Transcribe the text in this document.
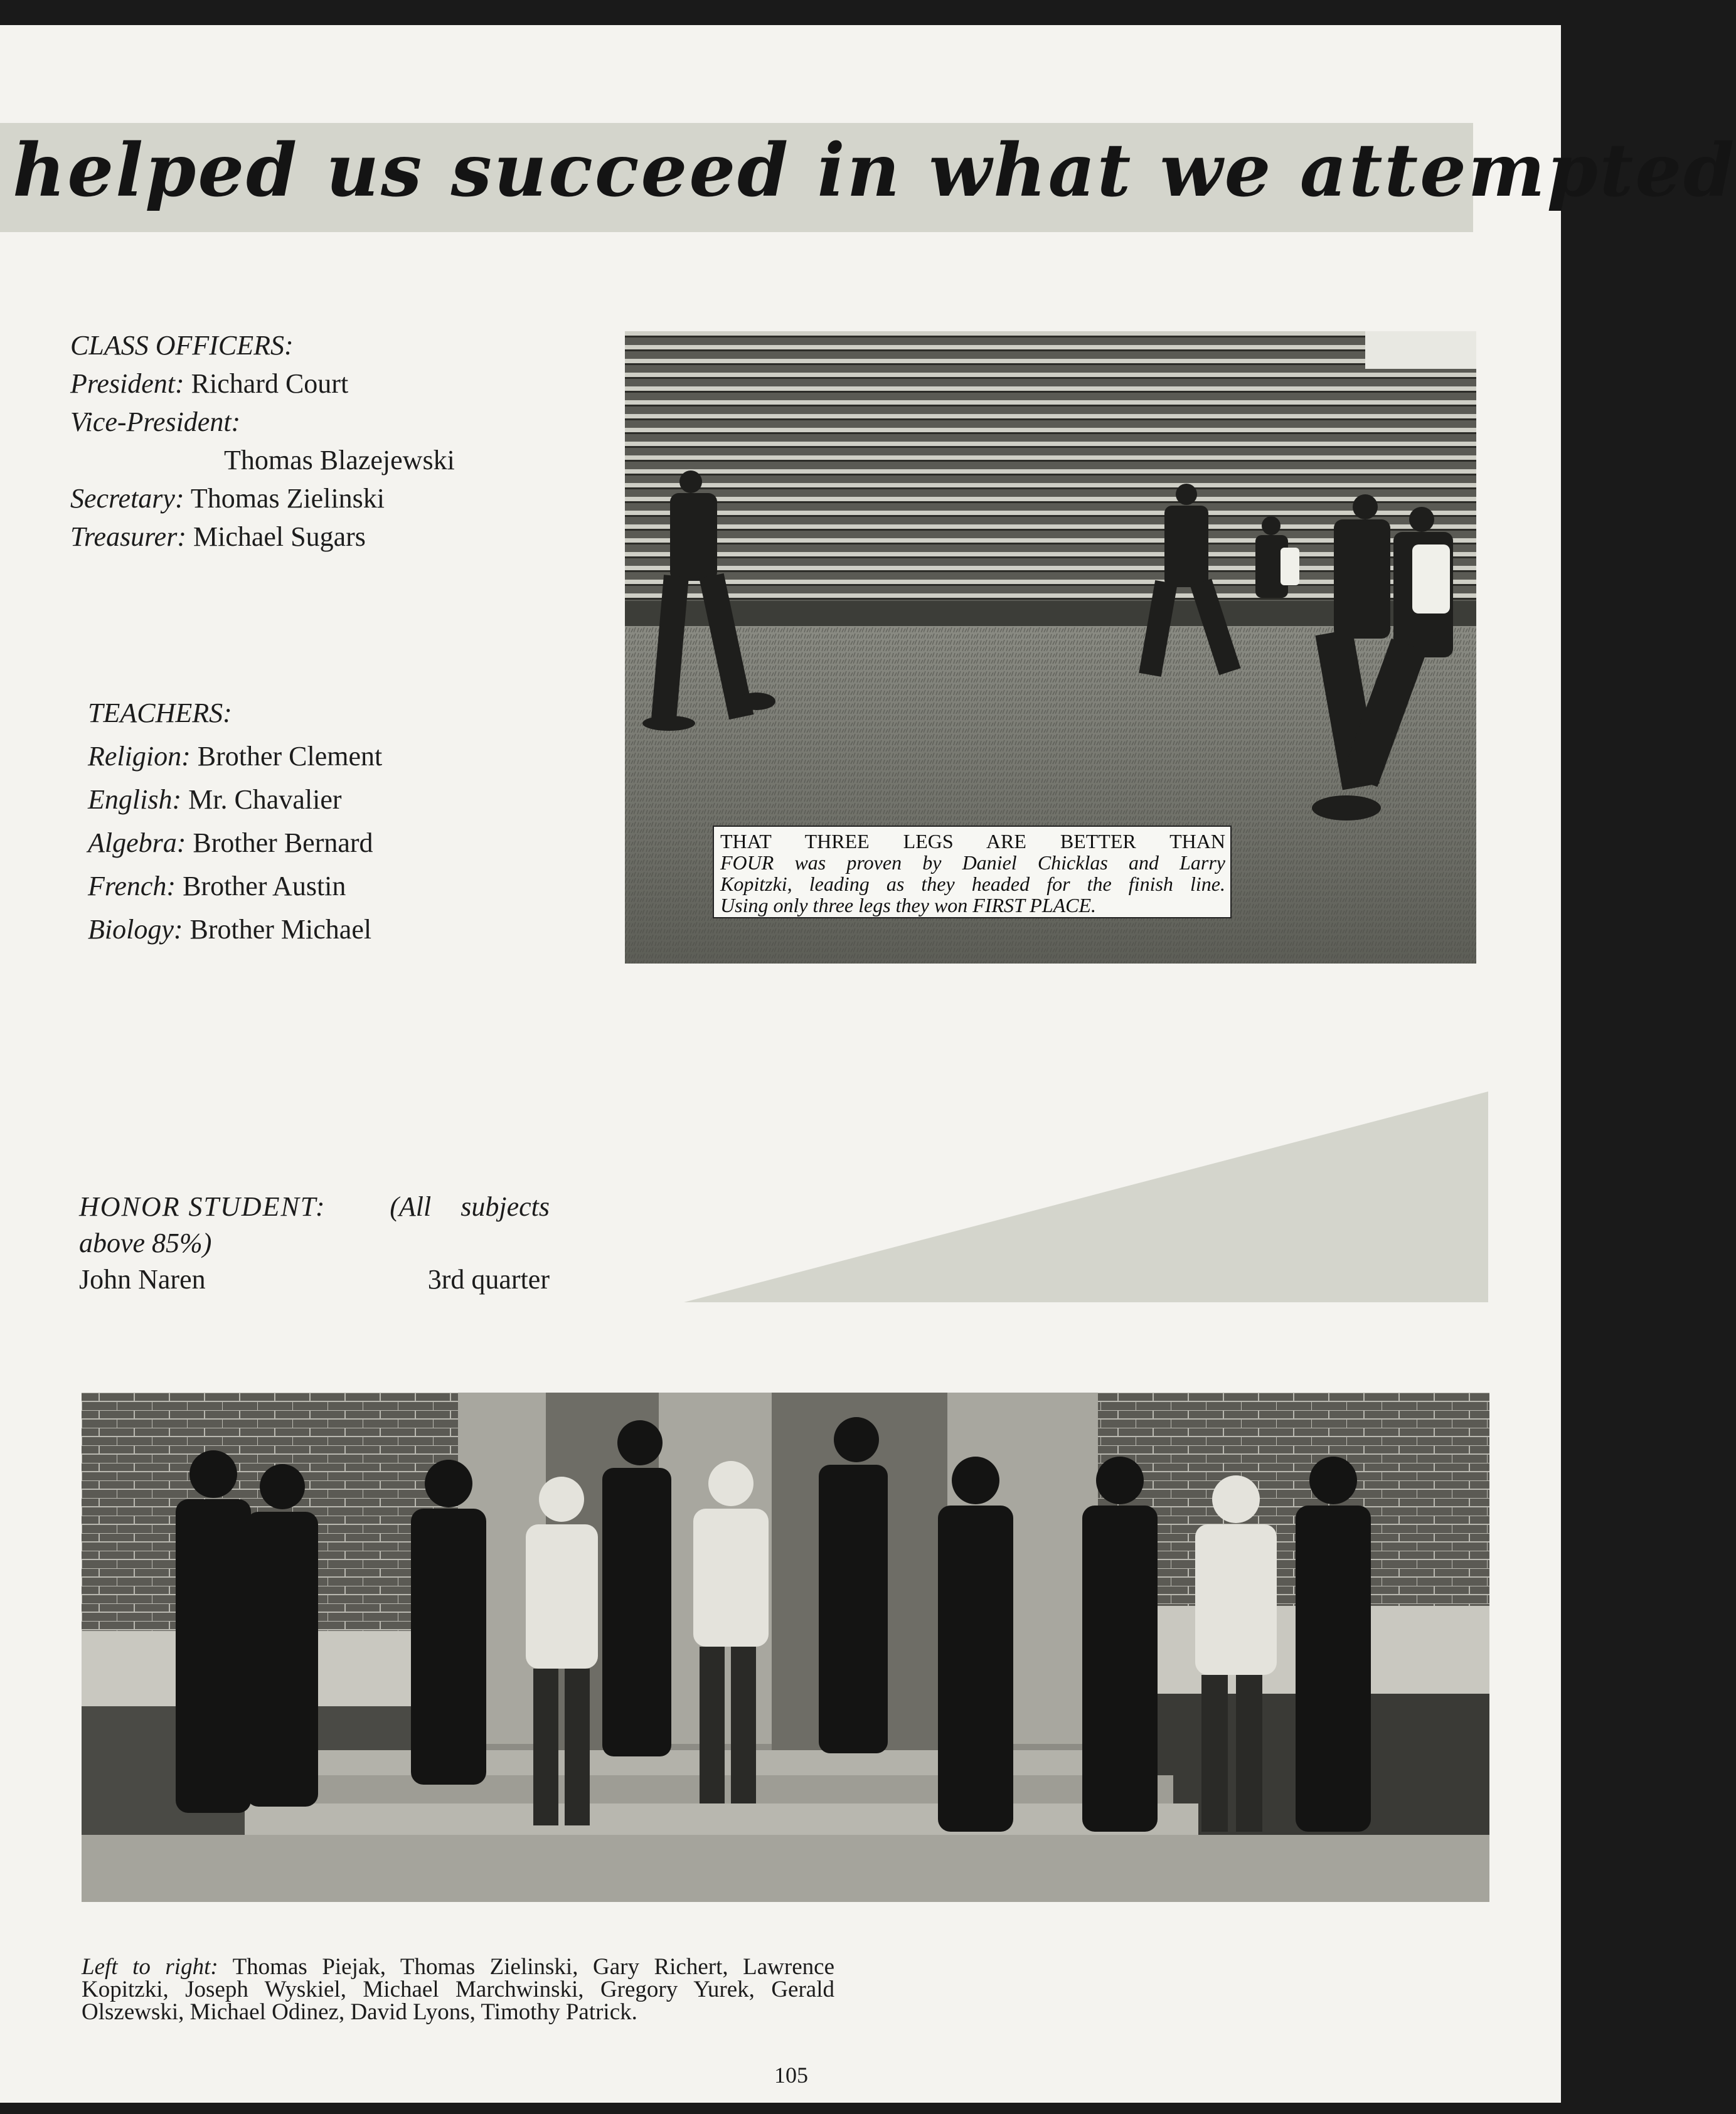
helped us succeed in what we attempted
CLASS OFFICERS:
President: Richard Court
Vice-President:
Thomas Blazejewski
Secretary: Thomas Zielinski
Treasurer: Michael Sugars
TEACHERS:
Religion: Brother Clement
English: Mr. Chavalier
Algebra: Brother Bernard
French: Brother Austin
Biology: Brother Michael
THAT THREE LEGS ARE BETTER THAN
FOUR was proven by Daniel Chicklas and Larry
Kopitzki, leading as they headed for the finish line.
Using only three legs they won FIRST PLACE.
HONOR STUDENT: (All subjects
above 85%)
John Naren	3rd quarter
Left to right: Thomas Piejak, Thomas Zielinski, Gary Richert, Lawrence
Kopitzki, Joseph Wyskiel, Michael Marchwinski, Gregory Yurek, Gerald
Olszewski, Michael Odinez, David Lyons, Timothy Patrick.
105
